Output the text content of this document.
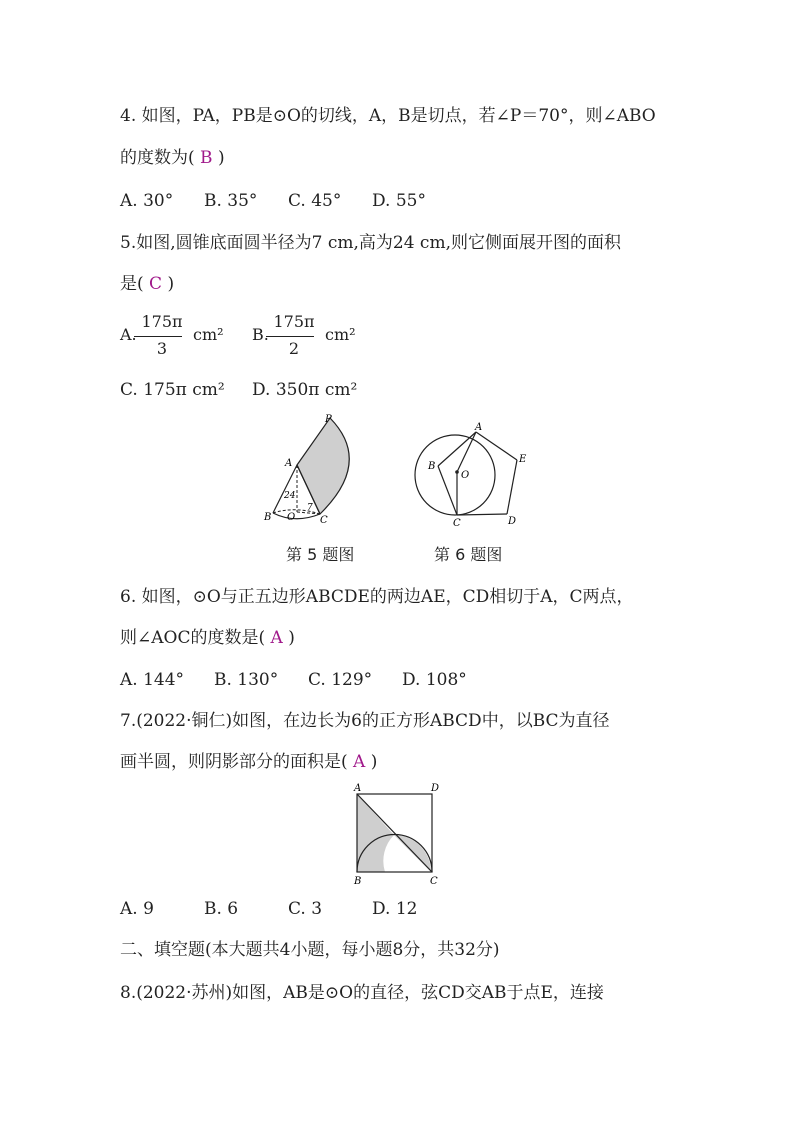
4. 如图，PA，PB是⊙O的切线，A，B是切点，若∠P＝70°，则∠ABO
的度数为( B )
A. 30° B. 35° C. 45° D. 55°
5.如图,圆锥底面圆半径为7 cm,高为24 cm,则它侧面展开图的面积
是( C )
A.
175π
3
cm² B.
175π
2
cm²
C. 175π cm² D. 350π cm²
P
A
B O C
24
7
A
B
O
C	D
E
第 5 题图	第 6 题图
6. 如图，⊙O与正五边形ABCDE的两边AE，CD相切于A，C两点，
则∠AOC的度数是( A )
A. 144° B. 130° C. 129° D. 108°
7.(2022·铜仁)如图，在边长为6的正方形ABCD中，以BC为直径
画半圆，则阴影部分的面积是( A )
A	D
B	C
A. 9	B. 6	C. 3	D. 12
二、填空题(本大题共4小题，每小题8分，共32分)
8.(2022·苏州)如图，AB是⊙O的直径，弦CD交AB于点E，连接
